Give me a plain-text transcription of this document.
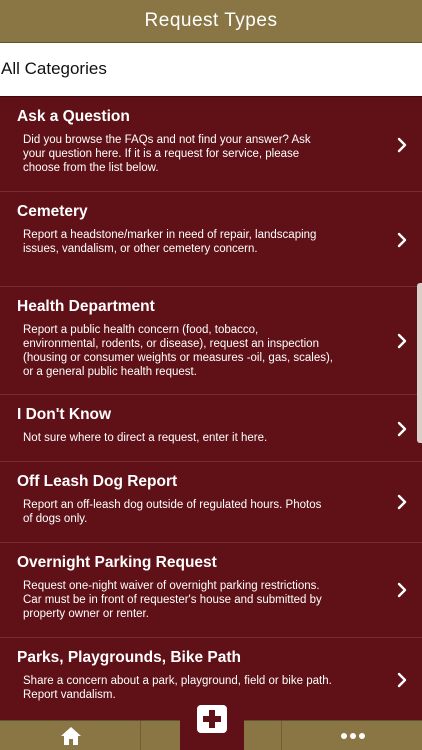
Request Types
All Categories
Ask a Question
Did you browse the FAQs and not find your answer? Ask your question here. If it is a request for service, please choose from the list below.
Cemetery
Report a headstone/marker in need of repair, landscaping issues, vandalism, or other cemetery concern.
Health Department
Report a public health concern (food, tobacco, environmental, rodents, or disease), request an inspection (housing or consumer weights or measures -oil, gas, scales), or a general public health request.
I Don't Know
Not sure where to direct a request, enter it here.
Off Leash Dog Report
Report an off-leash dog outside of regulated hours. Photos of dogs only.
Overnight Parking Request
Request one-night waiver of overnight parking restrictions. Car must be in front of requester's house and submitted by property owner or renter.
Parks, Playgrounds, Bike Path
Share a concern about a park, playground, field or bike path. Report vandalism.
